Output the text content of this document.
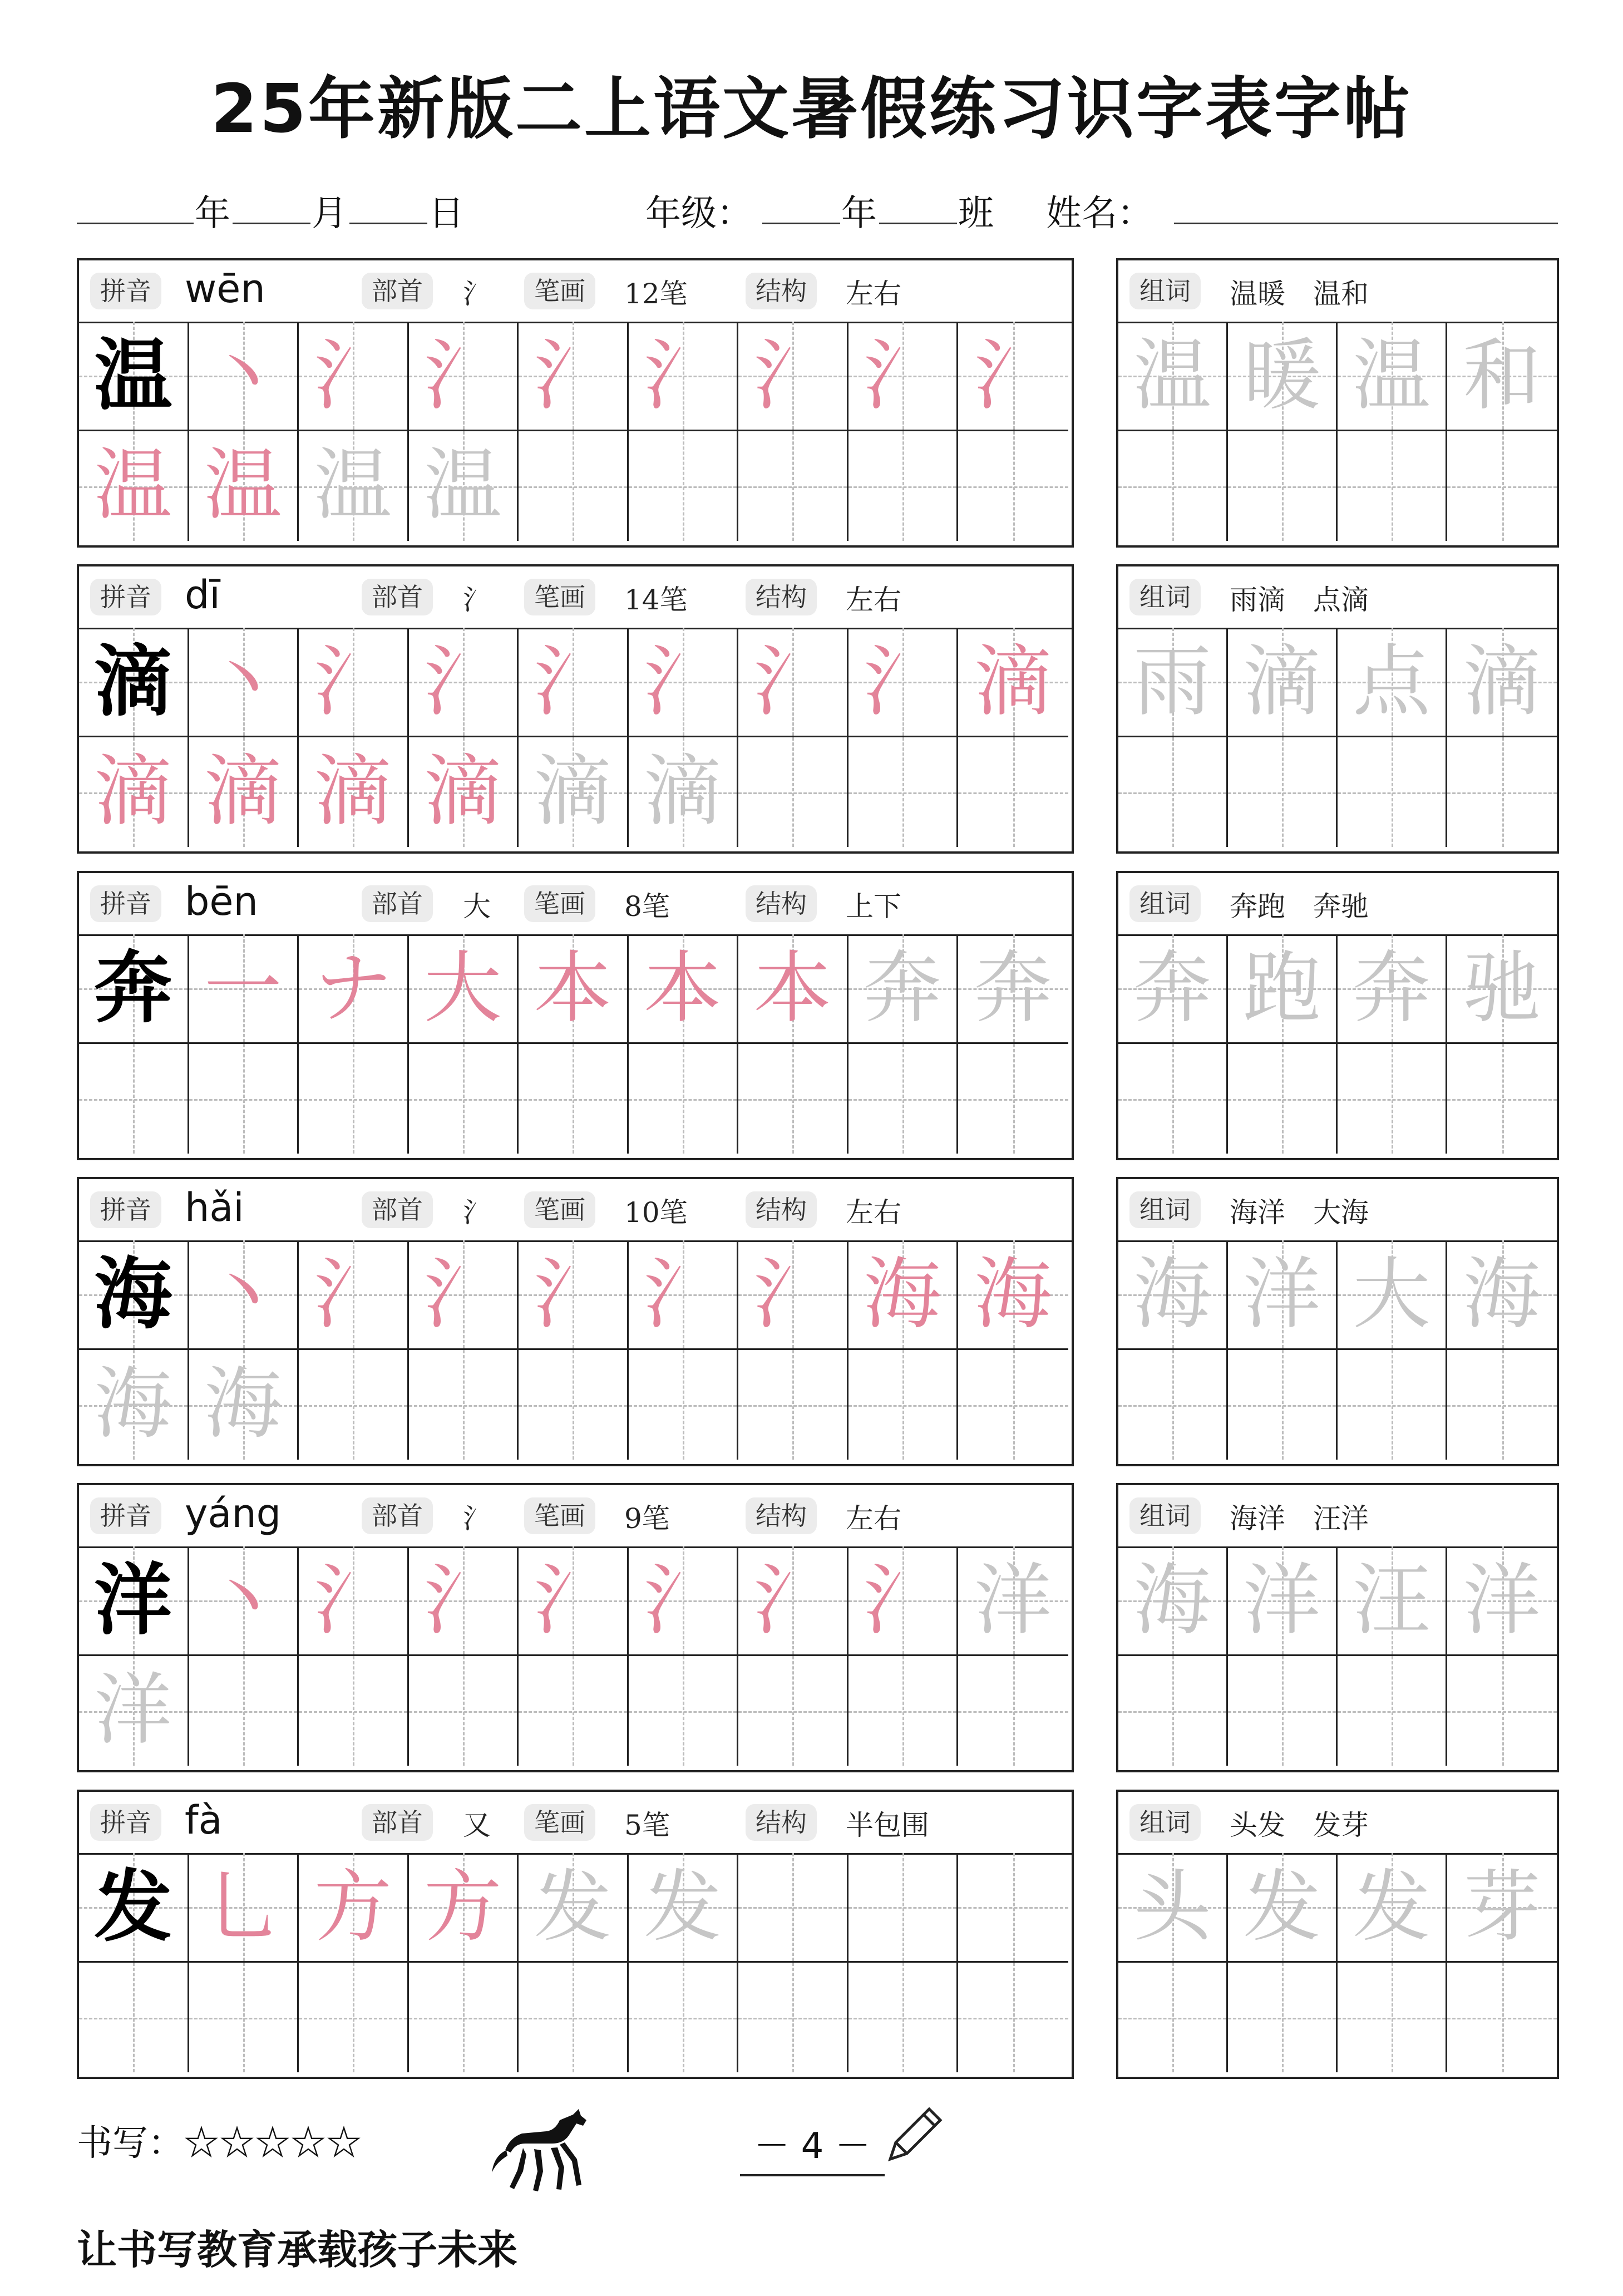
25年新版二上语文暑假练习识字表字帖
年 月 日	年级：	年 班 姓名：
拼音 wēn	部首	氵	笔画	12笔	结构	左右
温 丶 氵 氵 氵 氵 氵 氵 氵
温 温 温 温
组词	温暖　温和
温 暖 温 和
拼音 dī	部首	氵	笔画	14笔	结构	左右
滴 丶 氵 氵 氵 氵 氵 氵 滴
滴 滴 滴 滴 滴 滴
组词	雨滴　点滴
雨 滴 点 滴
拼音 bēn	部首	大	笔画	8笔	结构	上下
奔 一 ナ 大 本 本 本 奔 奔
组词	奔跑　奔驰
奔 跑 奔 驰
拼音 hǎi	部首	氵	笔画	10笔	结构	左右
海 丶 氵 氵 氵 氵 氵 海 海
海 海
组词	海洋　大海
海 洋 大 海
拼音 yáng	部首	氵	笔画	9笔	结构	左右
洋 丶 氵 氵 氵 氵 氵 氵 洋
洋
组词	海洋　汪洋
海 洋 汪 洋
拼音 fà	部首	又	笔画	5笔	结构	半包围
发 乚 方 方 发 发
组词	头发　发芽
头 发 发 芽
书写：☆☆☆☆☆	－ 4 －
让书写教育承载孩子未来
